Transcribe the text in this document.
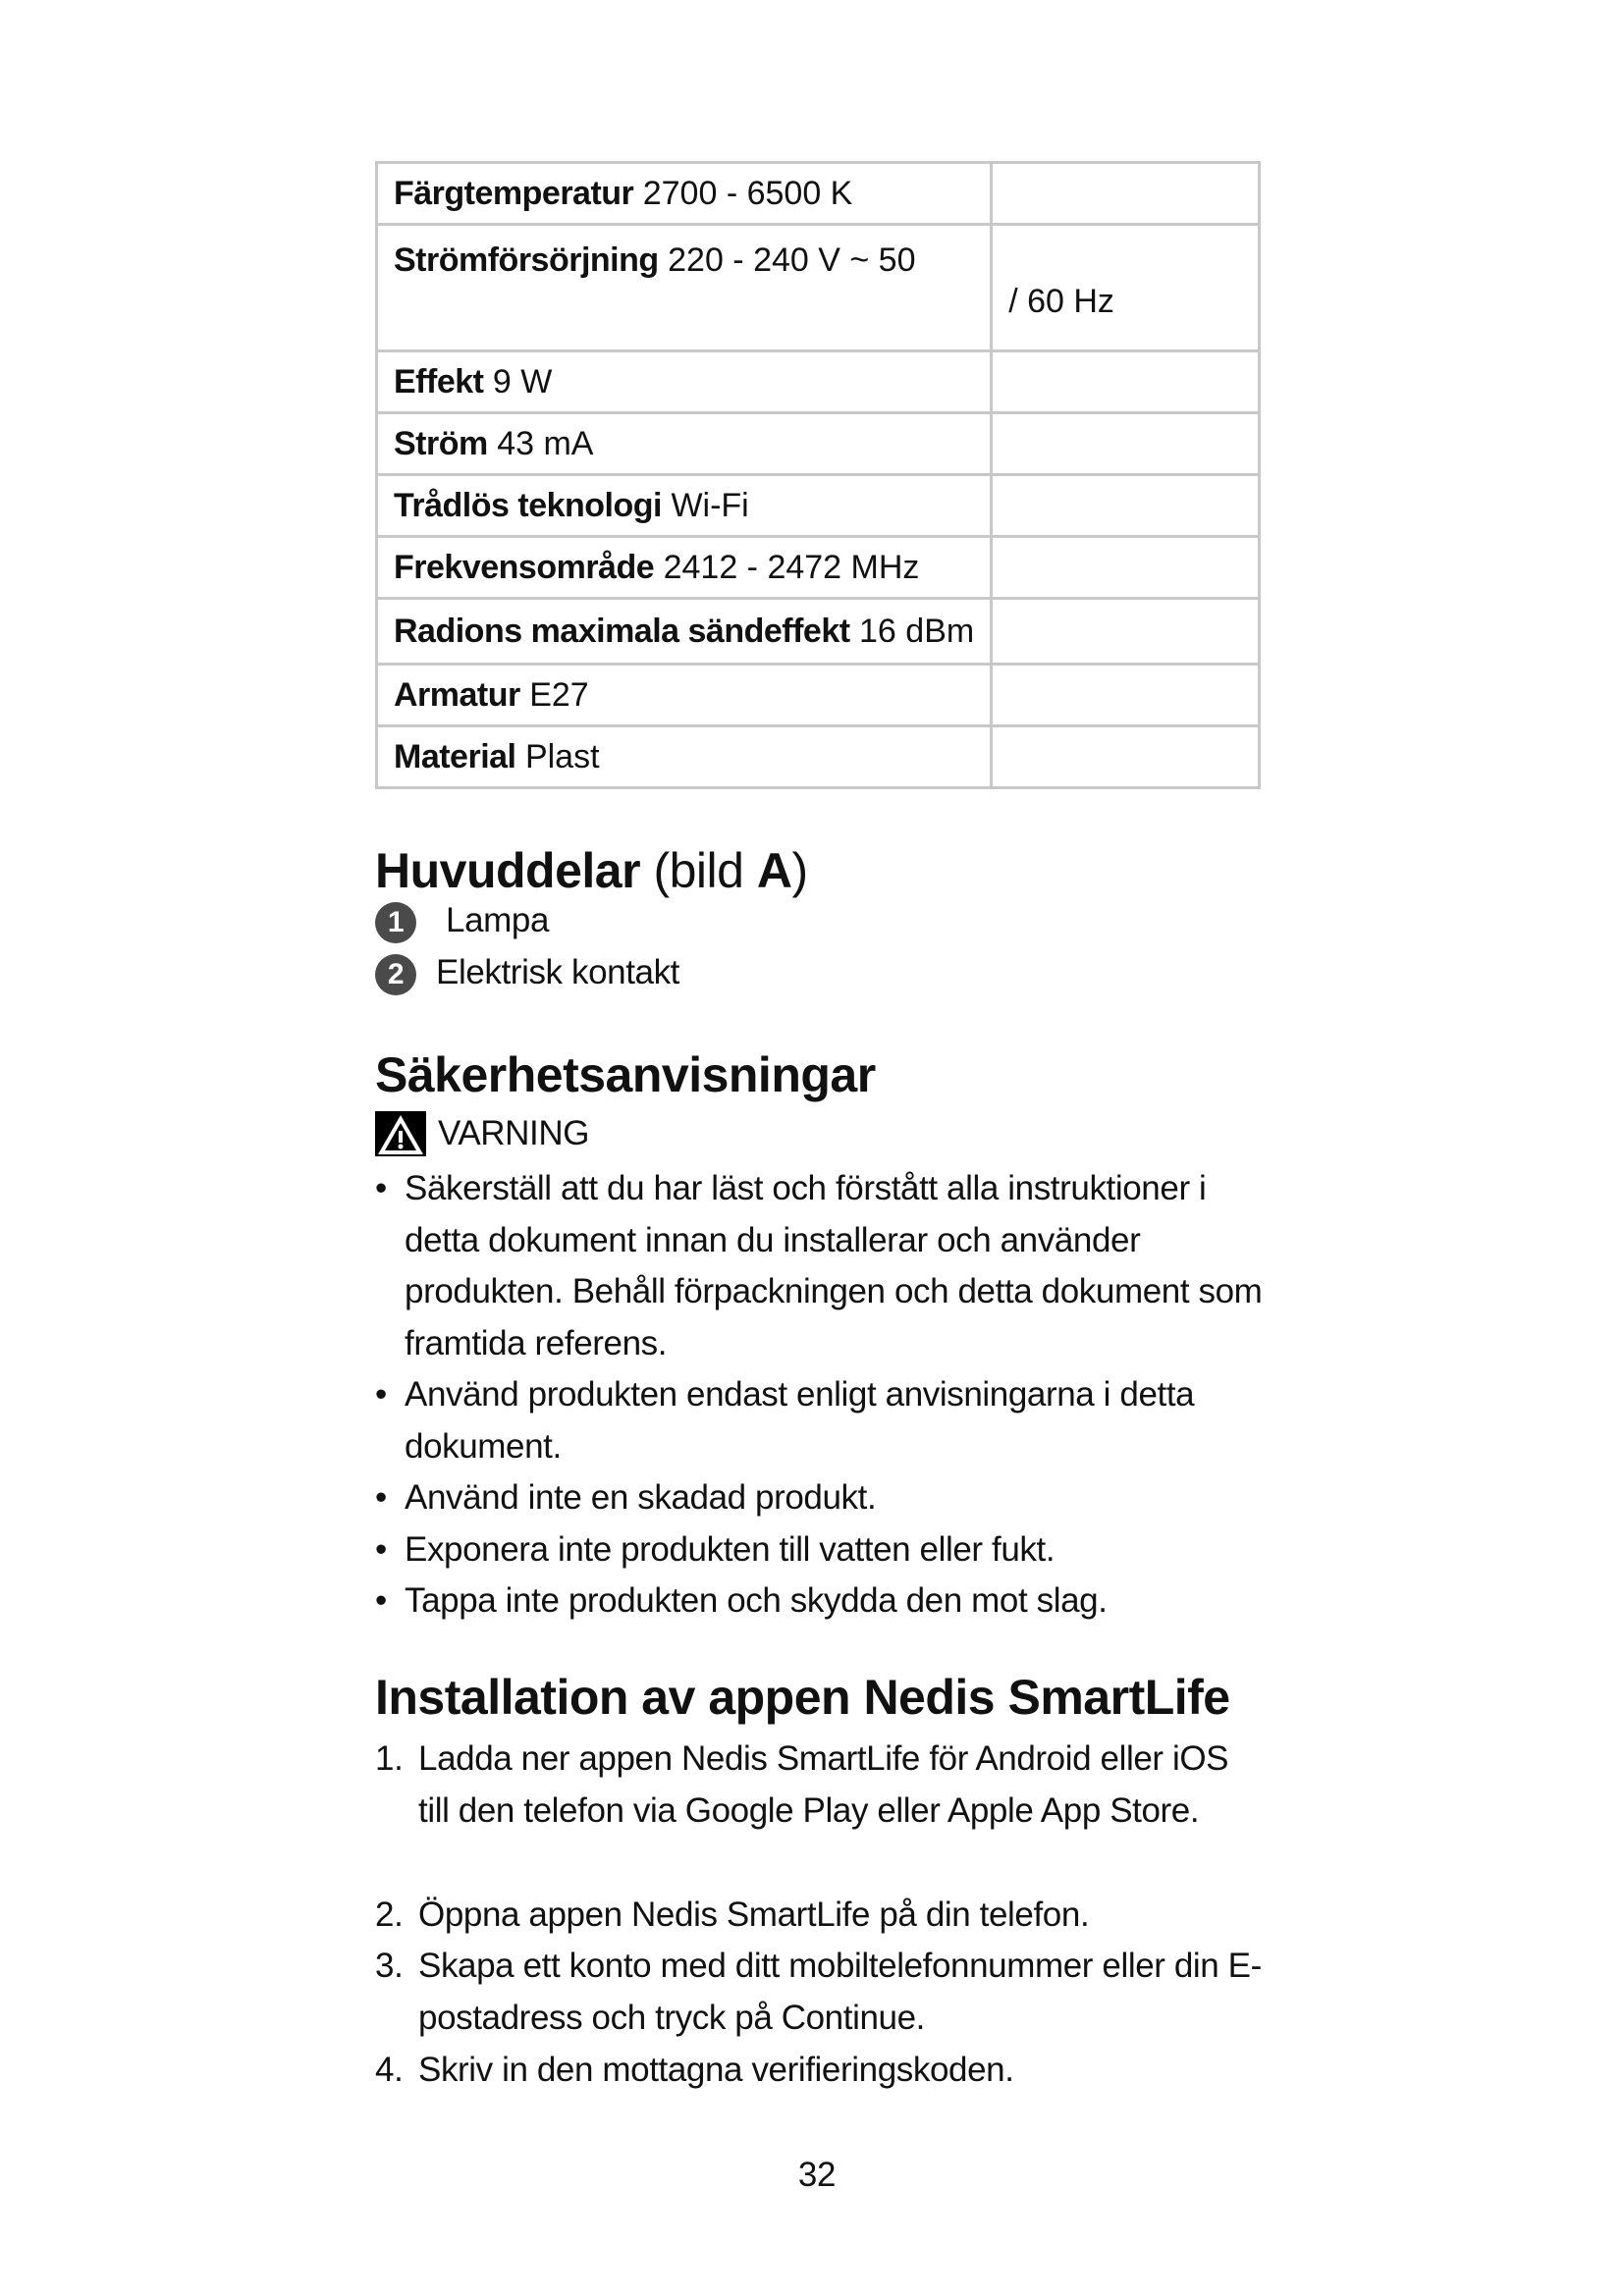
Färgtemperatur 2700 - 6500 K	
Strömförsörjning 220 - 240 V ~ 50	/ 60 Hz

Effekt 9 W	
Ström 43 mA	
Trådlös teknologi Wi-Fi	
Frekvensområde 2412 - 2472 MHz	
Radions maximala sändeffekt 16 dBm	
Armatur E27	
Material Plast	
Huvuddelar (bild A)
1 Lampa
2 Elektrisk kontakt
Säkerhetsanvisningar
VARNING
• Säkerställ att du har läst och förstått alla instruktioner i detta dokument innan du installerar och använder produkten. Behåll förpackningen och detta dokument som framtida referens.
• Använd produkten endast enligt anvisningarna i detta dokument.
• Använd inte en skadad produkt.
• Exponera inte produkten till vatten eller fukt.
• Tappa inte produkten och skydda den mot slag.
Installation av appen Nedis SmartLife
1. Ladda ner appen Nedis SmartLife för Android eller iOS till den telefon via Google Play eller Apple App Store.
2. Öppna appen Nedis SmartLife på din telefon.
3. Skapa ett konto med ditt mobiltelefonnummer eller din E-postadress och tryck på Continue.
4. Skriv in den mottagna verifieringskoden.
32
